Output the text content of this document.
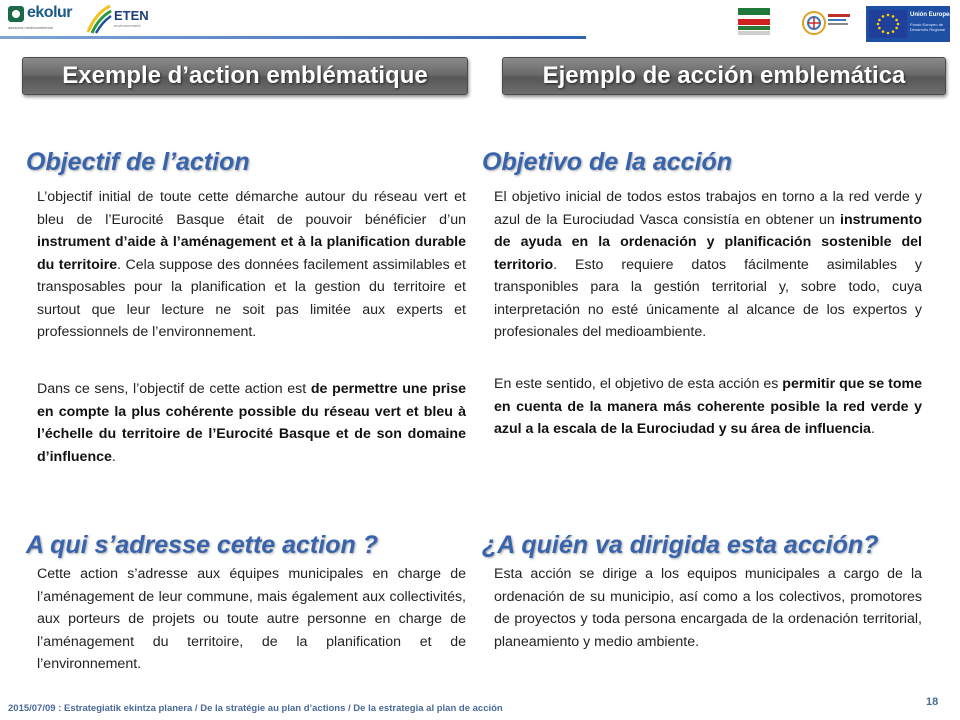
ekolur
asesoría medioambiental
ETEN
environnement
Unión Europea
Fondo Europeo de Desarrollo Regional
Exemple d’action emblématique	Ejemplo de acción emblemática
Objectif de l’action
L’objectif initial de toute cette démarche autour du réseau vert et bleu de l’Eurocité Basque était de pouvoir bénéficier d’un instrument d’aide à l’aménagement et à la planification durable du territoire. Cela suppose des données facilement assimilables et transposables pour la planification et la gestion du territoire et surtout que leur lecture ne soit pas limitée aux experts et professionnels de l’environnement.
Dans ce sens, l’objectif de cette action est de permettre une prise en compte la plus cohérente possible du réseau vert et bleu à l’échelle du territoire de l’Eurocité Basque et de son domaine d’influence.
Objetivo de la acción
El objetivo inicial de todos estos trabajos en torno a la red verde y azul de la Eurociudad Vasca consistía en obtener un instrumento de ayuda en la ordenación y planificación sostenible del territorio. Esto requiere datos fácilmente asimilables y transponibles para la gestión territorial y, sobre todo, cuya interpretación no esté únicamente al alcance de los expertos y profesionales del medioambiente.
En este sentido, el objetivo de esta acción es permitir que se tome en cuenta de la manera más coherente posible la red verde y azul a la escala de la Eurociudad y su área de influencia.
A qui s’adresse cette action ?
Cette action s’adresse aux équipes municipales en charge de l’aménagement de leur commune, mais également aux collectivités, aux porteurs de projets ou toute autre personne en charge de l’aménagement du territoire, de la planification et de l’environnement.
¿A quién va dirigida esta acción?
Esta acción se dirige a los equipos municipales a cargo de la ordenación de su municipio, así como a los colectivos, promotores de proyectos y toda persona encargada de la ordenación territorial, planeamiento y medio ambiente.
2015/07/09 : Estrategiatik ekintza planera / De la stratégie au plan d’actions / De la estrategia al plan de acción
18
